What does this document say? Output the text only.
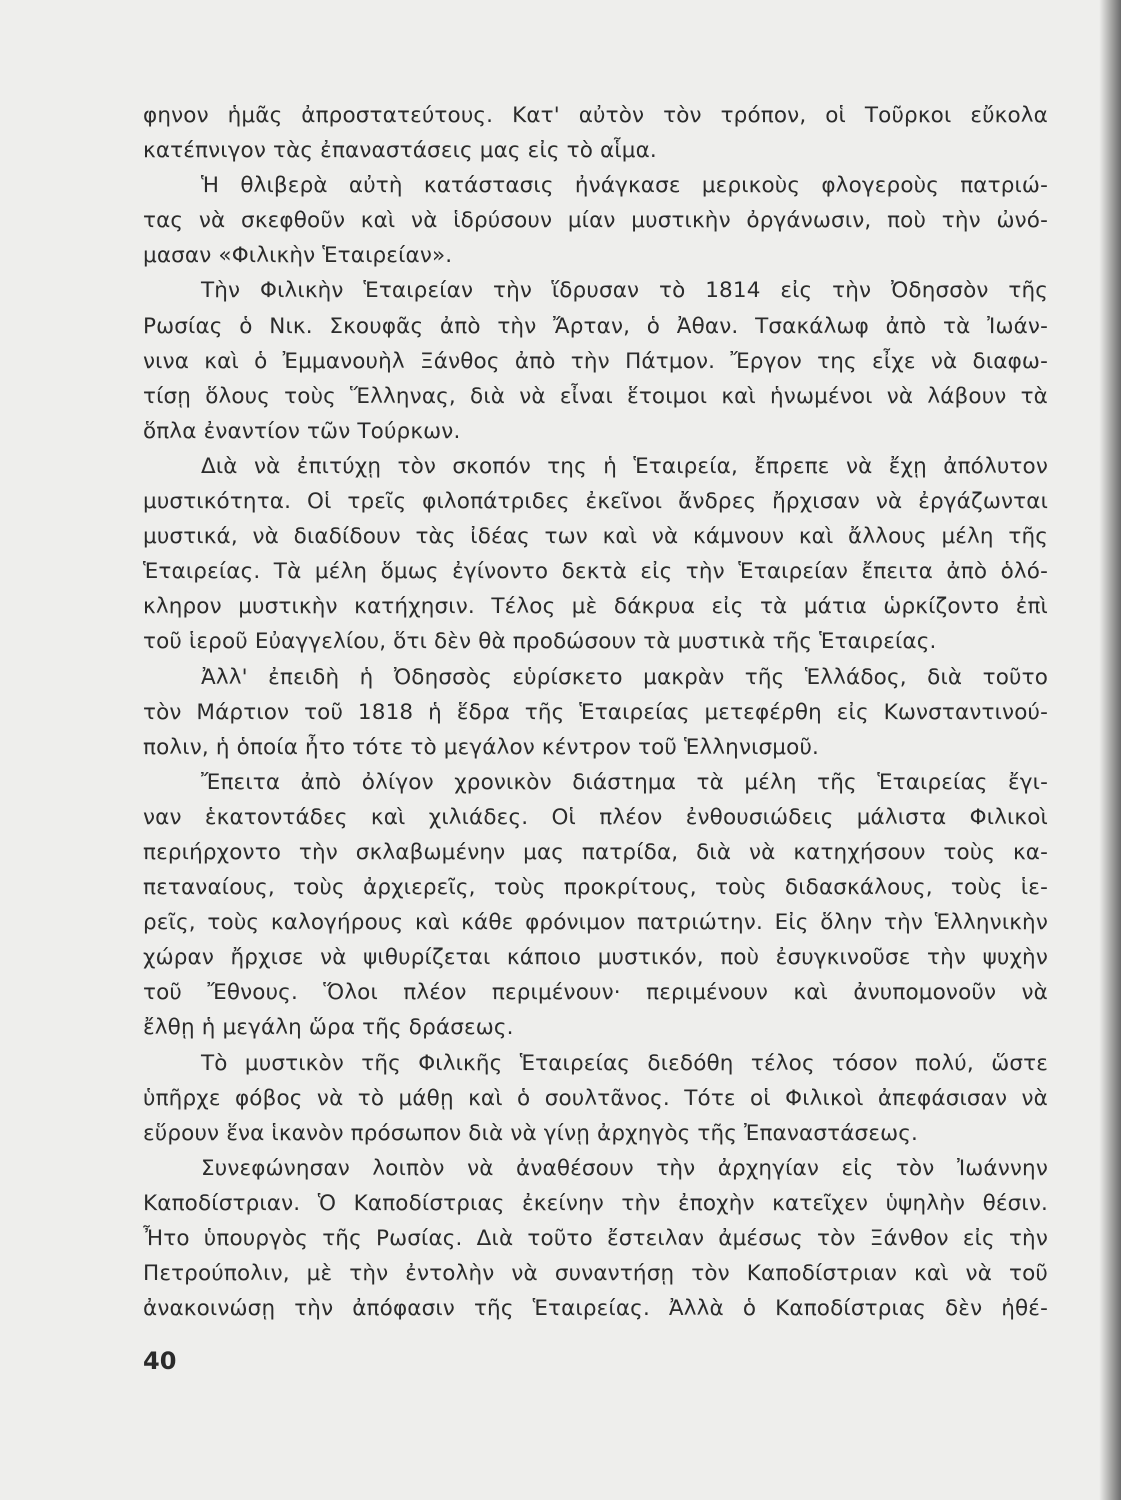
φηνον ἡμᾶς ἀπροστατεύτους. Κατ' αὐτὸν τὸν τρόπον, οἱ Τοῦρκοι εὔκολα

κατέπνιγον τὰς ἐπαναστάσεις μας εἰς τὸ αἷμα.

Ἡ θλιβερὰ αὐτὴ κατάστασις ἠνάγκασε μερικοὺς φλογεροὺς πατριώ-

τας νὰ σκεφθοῦν καὶ νὰ ἱδρύσουν μίαν μυστικὴν ὀργάνωσιν, ποὺ τὴν ὠνό-

μασαν «Φιλικὴν Ἑταιρείαν».

Τὴν Φιλικὴν Ἑταιρείαν τὴν ἵδρυσαν τὸ 1814 εἰς τὴν Ὀδησσὸν τῆς

Ρωσίας ὁ Νικ. Σκουφᾶς ἀπὸ τὴν Ἄρταν, ὁ Ἀθαν. Τσακάλωφ ἀπὸ τὰ Ἰωάν-

νινα καὶ ὁ Ἐμμανουὴλ Ξάνθος ἀπὸ τὴν Πάτμον. Ἔργον της εἶχε νὰ διαφω-

τίσῃ ὅλους τοὺς Ἕλληνας, διὰ νὰ εἶναι ἕτοιμοι καὶ ἡνωμένοι νὰ λάβουν τὰ

ὅπλα ἐναντίον τῶν Τούρκων.

Διὰ νὰ ἐπιτύχῃ τὸν σκοπόν της ἡ Ἑταιρεία, ἔπρεπε νὰ ἔχῃ ἀπόλυτον

μυστικότητα. Οἱ τρεῖς φιλοπάτριδες ἐκεῖνοι ἄνδρες ἤρχισαν νὰ ἐργάζωνται

μυστικά, νὰ διαδίδουν τὰς ἰδέας των καὶ νὰ κάμνουν καὶ ἄλλους μέλη τῆς

Ἑταιρείας. Τὰ μέλη ὅμως ἐγίνοντο δεκτὰ εἰς τὴν Ἑταιρείαν ἔπειτα ἀπὸ ὁλό-

κληρον μυστικὴν κατήχησιν. Τέλος μὲ δάκρυα εἰς τὰ μάτια ὡρκίζοντο ἐπὶ

τοῦ ἱεροῦ Εὐαγγελίου, ὅτι δὲν θὰ προδώσουν τὰ μυστικὰ τῆς Ἑταιρείας.

Ἀλλ' ἐπειδὴ ἡ Ὀδησσὸς εὑρίσκετο μακρὰν τῆς Ἑλλάδος, διὰ τοῦτο

τὸν Μάρτιον τοῦ 1818 ἡ ἕδρα τῆς Ἑταιρείας μετεφέρθη εἰς Κωνσταντινού-

πολιν, ἡ ὁποία ἦτο τότε τὸ μεγάλον κέντρον τοῦ Ἑλληνισμοῦ.

Ἔπειτα ἀπὸ ὀλίγον χρονικὸν διάστημα τὰ μέλη τῆς Ἑταιρείας ἔγι-

ναν ἑκατοντάδες καὶ χιλιάδες. Οἱ πλέον ἐνθουσιώδεις μάλιστα Φιλικοὶ

περιήρχοντο τὴν σκλαβωμένην μας πατρίδα, διὰ νὰ κατηχήσουν τοὺς κα-

πεταναίους, τοὺς ἀρχιερεῖς, τοὺς προκρίτους, τοὺς διδασκάλους, τοὺς ἱε-

ρεῖς, τοὺς καλογήρους καὶ κάθε φρόνιμον πατριώτην. Εἰς ὅλην τὴν Ἑλληνικὴν

χώραν ἤρχισε νὰ ψιθυρίζεται κάποιο μυστικόν, ποὺ ἐσυγκινοῦσε τὴν ψυχὴν

τοῦ Ἔθνους. Ὅλοι πλέον περιμένουν· περιμένουν καὶ ἀνυπομονοῦν νὰ

ἔλθῃ ἡ μεγάλη ὥρα τῆς δράσεως.

Τὸ μυστικὸν τῆς Φιλικῆς Ἑταιρείας διεδόθη τέλος τόσον πολύ, ὥστε

ὑπῆρχε φόβος νὰ τὸ μάθῃ καὶ ὁ σουλτᾶνος. Τότε οἱ Φιλικοὶ ἀπεφάσισαν νὰ

εὕρουν ἕνα ἱκανὸν πρόσωπον διὰ νὰ γίνῃ ἀρχηγὸς τῆς Ἐπαναστάσεως.

Συνεφώνησαν λοιπὸν νὰ ἀναθέσουν τὴν ἀρχηγίαν εἰς τὸν Ἰωάννην

Καποδίστριαν. Ὁ Καποδίστριας ἐκείνην τὴν ἐποχὴν κατεῖχεν ὑψηλὴν θέσιν.

Ἦτο ὑπουργὸς τῆς Ρωσίας. Διὰ τοῦτο ἔστειλαν ἀμέσως τὸν Ξάνθον εἰς τὴν

Πετρούπολιν, μὲ τὴν ἐντολὴν νὰ συναντήσῃ τὸν Καποδίστριαν καὶ νὰ τοῦ

ἀνακοινώσῃ τὴν ἀπόφασιν τῆς Ἑταιρείας. Ἀλλὰ ὁ Καποδίστριας δὲν ἠθέ-

40
